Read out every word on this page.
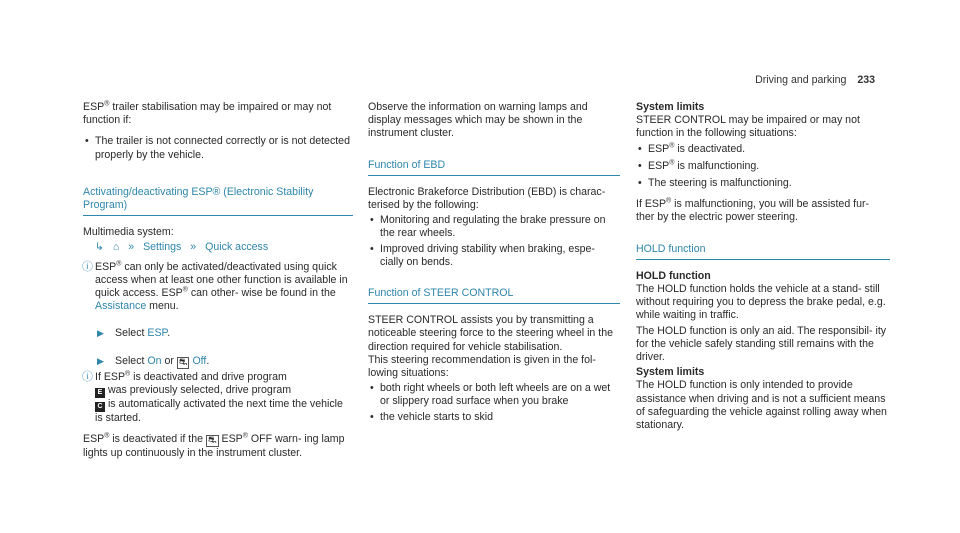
Driving and parking 233

ESP® trailer stabilisation may be impaired or may not function if:

• The trailer is not connected correctly or is not detected properly by the vehicle.
Activating/deactivating ESP® (Electronic Stability Program)

Multimedia system:

↳ ⌂ » Settings » Quick access
ⓘ ESP® can only be activated/deactivated using quick access when at least one other function is available in quick access. ESP® can other- wise be found in the Assistance menu.
▶ Select ESP.
▶ Select On or ⛐ Off.
ⓘ If ESP® is deactivated and drive program
E was previously selected, drive program
C is automatically activated the next time the vehicle is started.

ESP® is deactivated if the ⛐ ESP® OFF warn- ing lamp lights up continuously in the instrument cluster.

Observe the information on warning lamps and display messages which may be shown in the instrument cluster.

Function of EBD

Electronic Brakeforce Distribution (EBD) is charac- terised by the following:

• Monitoring and regulating the brake pressure on the rear wheels.
• Improved driving stability when braking, espe- cially on bends.
Function of STEER CONTROL

STEER CONTROL assists you by transmitting a noticeable steering force to the steering wheel in the direction required for vehicle stabilisation.

This steering recommendation is given in the fol- lowing situations:

• both right wheels or both left wheels are on a wet or slippery road surface when you brake
• the vehicle starts to skid

System limits

STEER CONTROL may be impaired or may not function in the following situations:

• ESP® is deactivated.
• ESP® is malfunctioning.
• The steering is malfunctioning.

If ESP® is malfunctioning, you will be assisted fur- ther by the electric power steering.

HOLD function

HOLD function

The HOLD function holds the vehicle at a stand- still without requiring you to depress the brake pedal, e.g. while waiting in traffic.

The HOLD function is only an aid. The responsibil- ity for the vehicle safely standing still remains with the driver.

System limits

The HOLD function is only intended to provide assistance when driving and is not a sufficient means of safeguarding the vehicle against rolling away when stationary.
